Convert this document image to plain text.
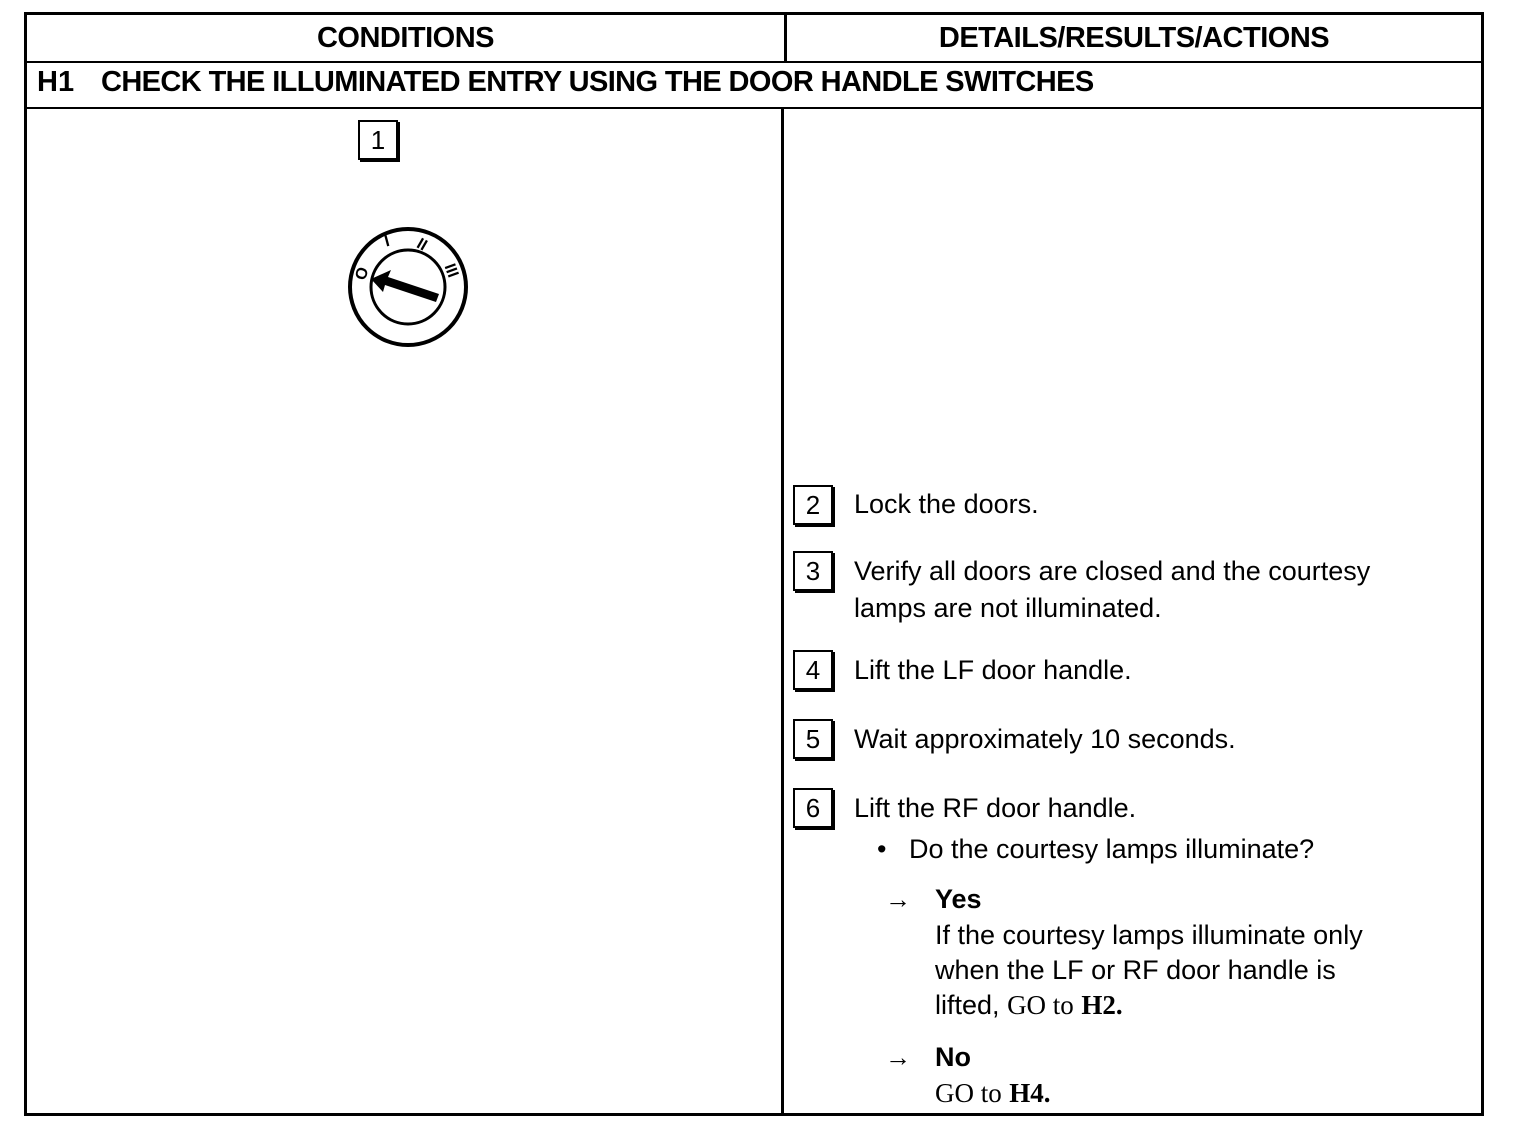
CONDITIONS	DETAILS/RESULTS/ACTIONS
H1 CHECK THE ILLUMINATED ENTRY USING THE DOOR HANDLE SWITCHES
1
O
I II
III
2 Lock the doors.
3 Verify all doors are closed and the courtesy
lamps are not illuminated.
4 Lift the LF door handle.
5 Wait approximately 10 seconds.
6 Lift the RF door handle.
• Do the courtesy lamps illuminate?
→ Yes
If the courtesy lamps illuminate only
when the LF or RF door handle is
lifted, GO to H2.
→ No
GO to H4.
